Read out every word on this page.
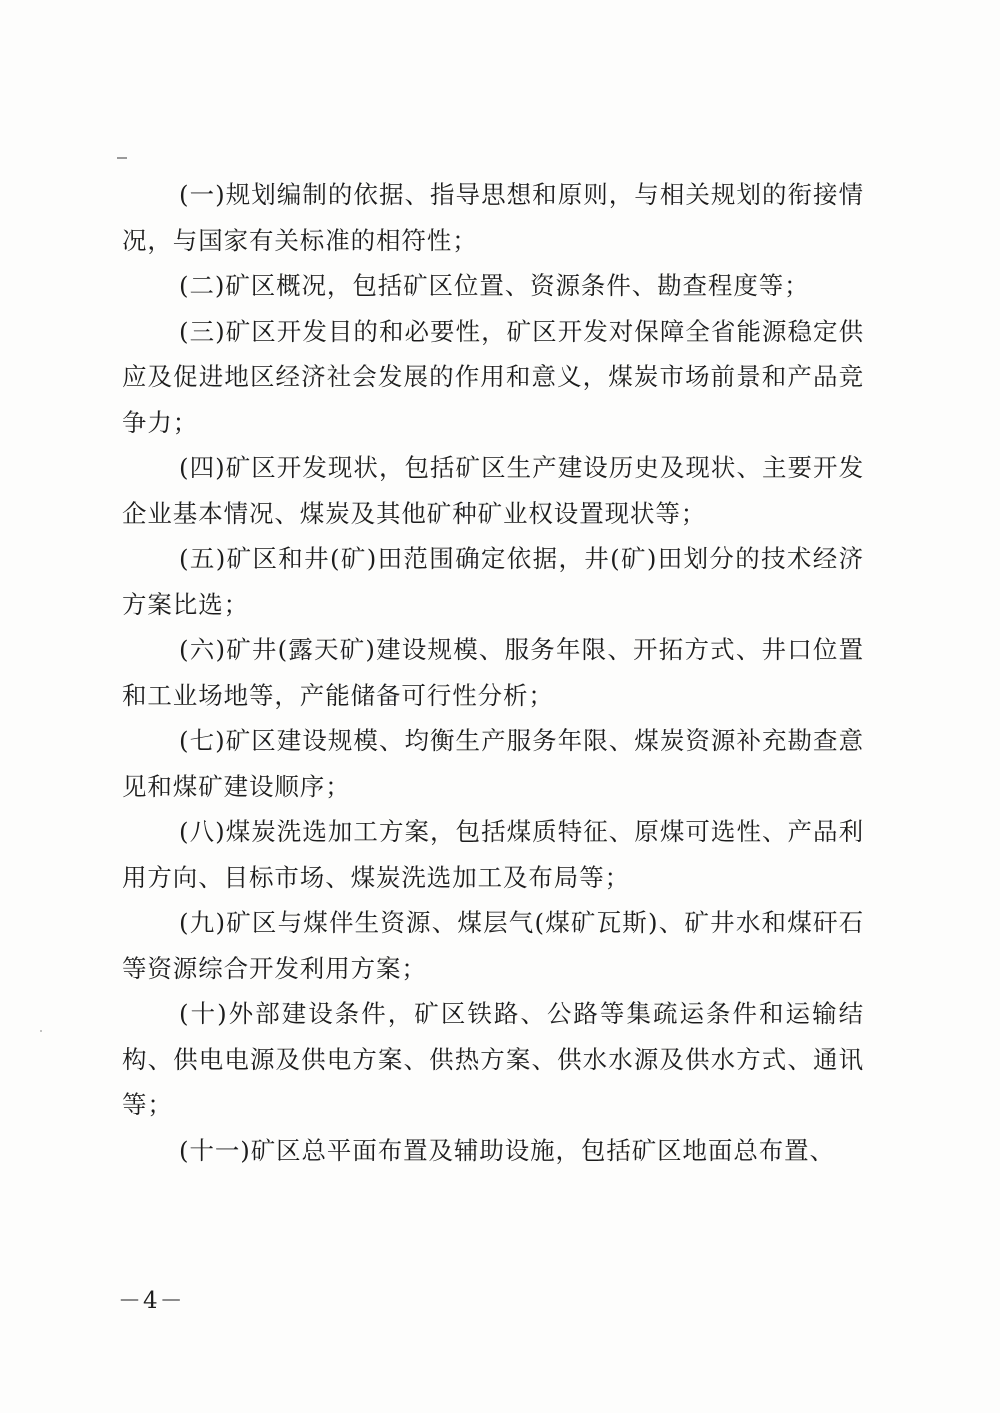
(一)规划编制的依据、指导思想和原则，与相关规划的衔接情况，与国家有关标准的相符性；

(二)矿区概况，包括矿区位置、资源条件、勘查程度等；

(三)矿区开发目的和必要性，矿区开发对保障全省能源稳定供应及促进地区经济社会发展的作用和意义，煤炭市场前景和产品竞争力；

(四)矿区开发现状，包括矿区生产建设历史及现状、主要开发企业基本情况、煤炭及其他矿种矿业权设置现状等；

(五)矿区和井(矿)田范围确定依据，井(矿)田划分的技术经济方案比选；

(六)矿井(露天矿)建设规模、服务年限、开拓方式、井口位置和工业场地等，产能储备可行性分析；

(七)矿区建设规模、均衡生产服务年限、煤炭资源补充勘查意见和煤矿建设顺序；

(八)煤炭洗选加工方案，包括煤质特征、原煤可选性、产品利用方向、目标市场、煤炭洗选加工及布局等；

(九)矿区与煤伴生资源、煤层气(煤矿瓦斯)、矿井水和煤矸石等资源综合开发利用方案；

(十)外部建设条件，矿区铁路、公路等集疏运条件和运输结构、供电电源及供电方案、供热方案、供水水源及供水方式、通讯等；

(十一)矿区总平面布置及辅助设施，包括矿区地面总布置、

－4－
